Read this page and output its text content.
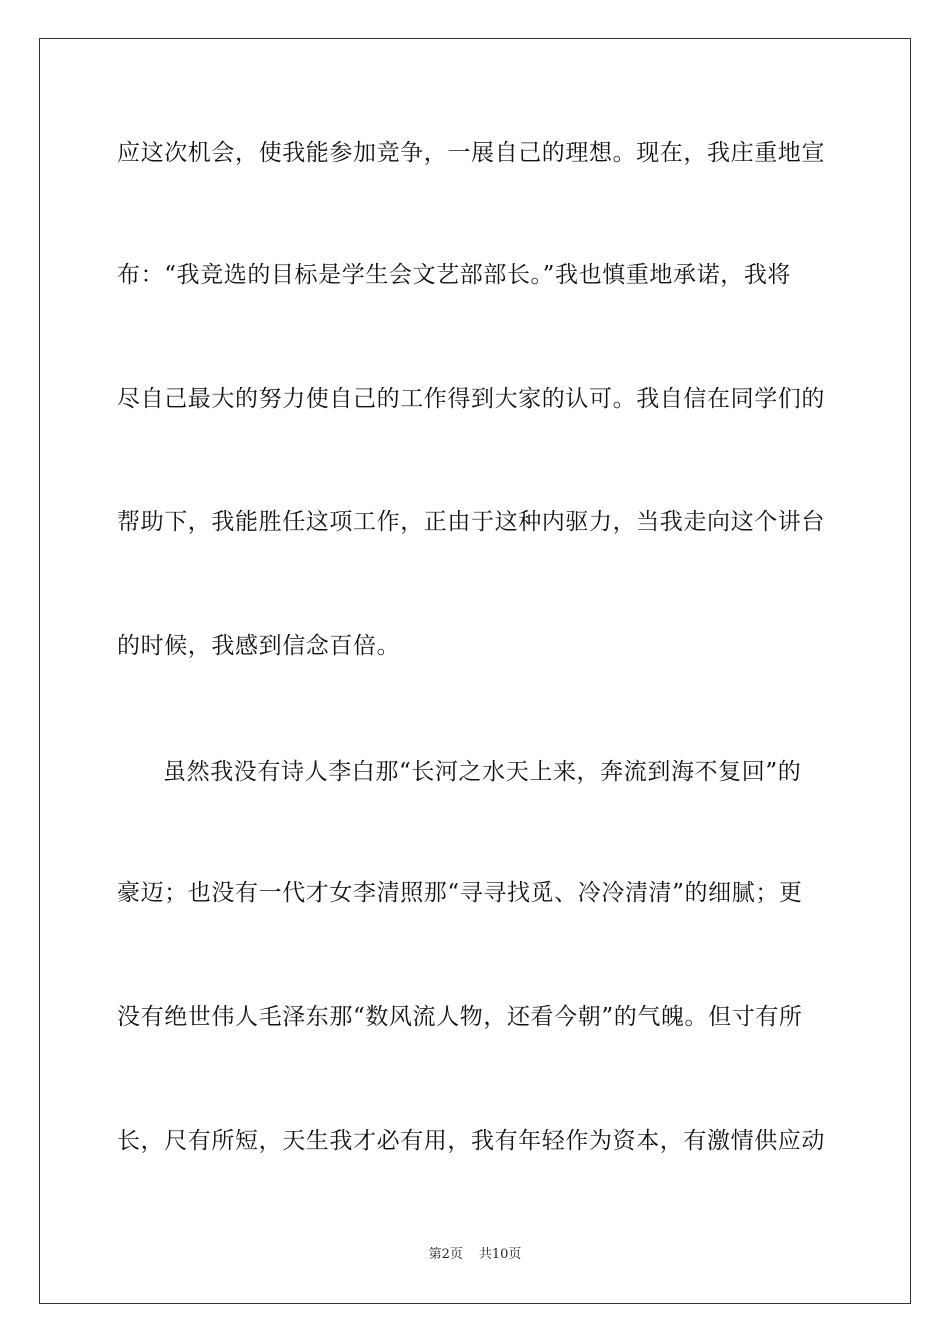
应这次机会，使我能参加竞争，一展自己的理想。现在，我庄重地宣
布：“我竞选的目标是学生会文艺部部长。”我也慎重地承诺，我将
尽自己最大的努力使自己的工作得到大家的认可。我自信在同学们的
帮助下，我能胜任这项工作，正由于这种内驱力，当我走向这个讲台
的时候，我感到信念百倍。
虽然我没有诗人李白那“长河之水天上来，奔流到海不复回”的
豪迈；也没有一代才女李清照那“寻寻找觅、冷冷清清”的细腻；更
没有绝世伟人毛泽东那“数风流人物，还看今朝”的气魄。但寸有所
长，尺有所短，天生我才必有用，我有年轻作为资本，有激情供应动
第2页 共10页
